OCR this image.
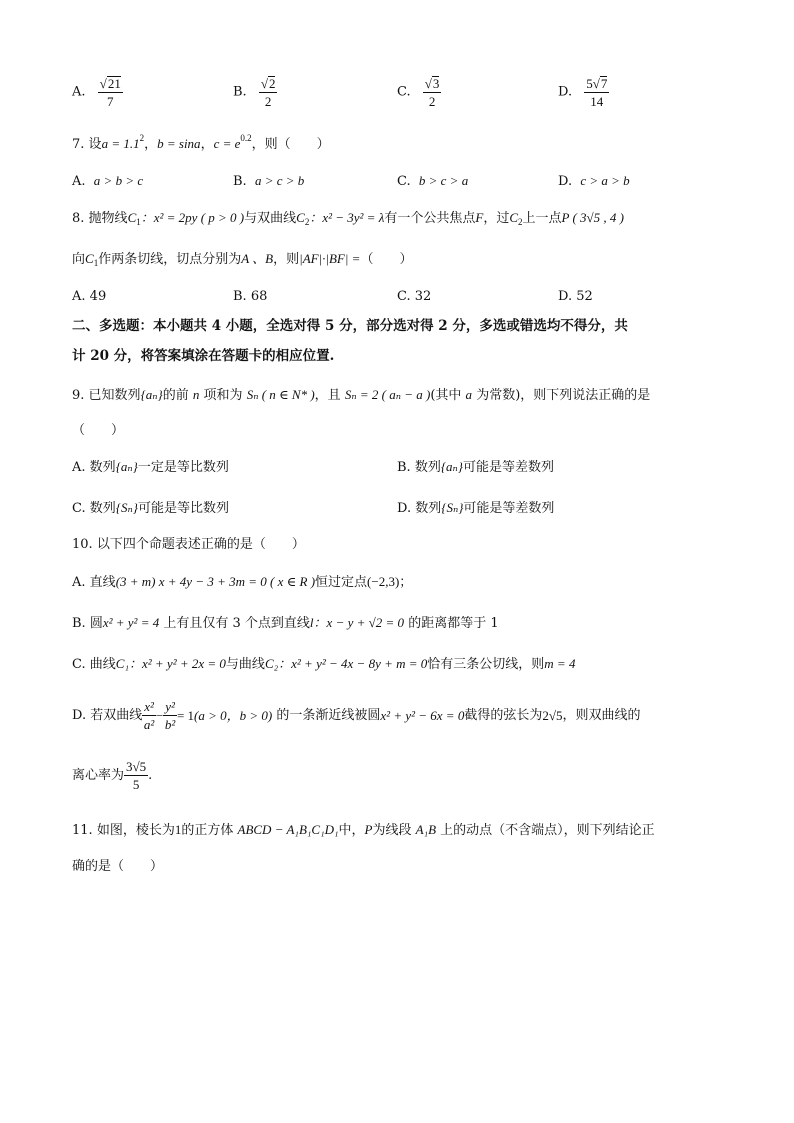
A. $\frac{√21}{7}$	B. $\frac{√2}{2}$	C. $\frac{√3}{2}$	D. $\frac{5√7}{14}$
7. 设$a = 1.1^2$，b = sina，$c = e^{0.2}$，则（　　）
A. a > b > c	B. a > c > b	C. b > c > a	D. c > a > b
8. 抛物线$C_1$：x² = 2py ( p > 0 )与双曲线$C_2$：x² − 3y² = λ有一个公共焦点F，过$C_2$上一点P ( 3√5 , 4 )
向$C_1$作两条切线，切点分别为A 、B，则|AF|·|BF| =（　　）
A. 49	B. 68	C. 32	D. 52
二、多选题：本小题共 4 小题，全选对得 5 分，部分选对得 2 分，多选或错选均不得分，共
计 20 分，将答案填涂在答题卡的相应位置.
9. 已知数列{aₙ}的前 n 项和为 Sₙ ( n ∈ N* )，且 Sₙ = 2 ( aₙ − a )(其中 a 为常数)，则下列说法正确的是
（　　）
A. 数列{aₙ}一定是等比数列	B. 数列{aₙ}可能是等差数列
C. 数列{Sₙ}可能是等比数列	D. 数列{Sₙ}可能是等差数列
10. 以下四个命题表述正确的是（　　）
A. 直线(3 + m) x + 4y − 3 + 3m = 0 ( x ∈ R )恒过定点(−2,3)；
B. 圆x² + y² = 4 上有且仅有 3 个点到直线l：x − y + √2 = 0 的距离都等于 1
C. 曲线C₁：x² + y² + 2x = 0与曲线C₂：x² + y² − 4x − 8y + m = 0恰有三条公切线，则m = 4
D. 若双曲线 $\frac{\text{x²}}{\text{a²}} - \frac{\text{y²}}{\text{b²}} = 1(a > 0$，b > 0) 的一条渐近线被圆x² + y² − 6x = 0截得的弦长为2√5，则双曲线的
离心率为 $\frac{3√5}{5}$ .
11. 如图，棱长为1的正方体 ABCD − A₁B₁C₁D₁中，P为线段 A₁B 上的动点（不含端点），则下列结论正
确的是（　　）
